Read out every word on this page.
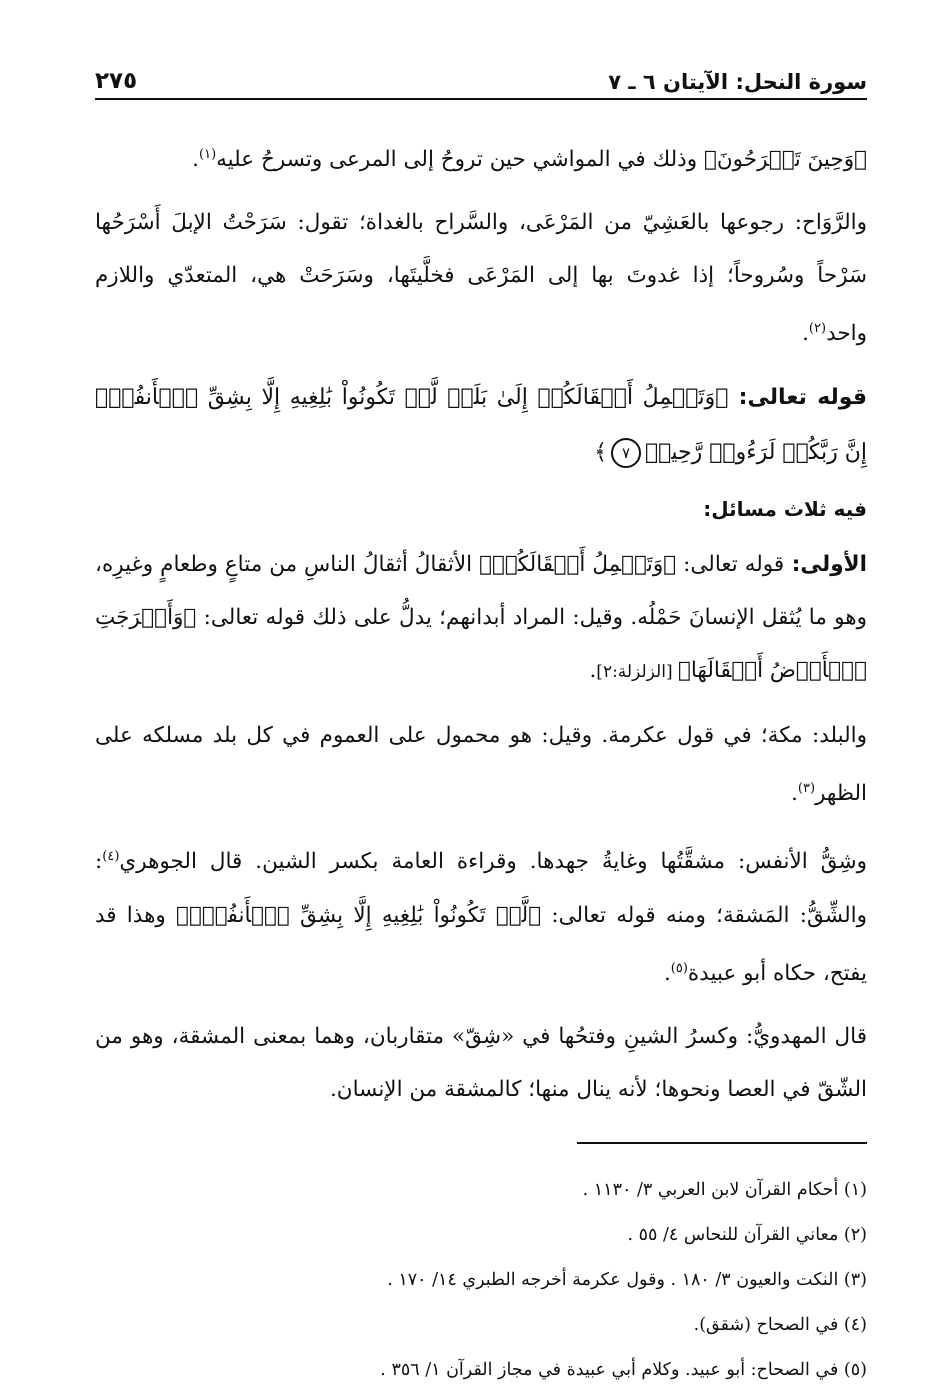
سورة النحل: الآيتان ٦ ـ ٧
٢٧٥

﴿وَحِينَ تَسۡرَحُونَ﴾ وذلك في المواشي حين تروحُ إلى المرعى وتسرحُ عليه$^{(١)}$.

والرَّوَاح: رجوعها بالعَشِيّ من المَرْعَى، والسَّراح بالغداة؛ تقول: سَرَحْتُ الإبلَ أَسْرَحُها سَرْحاً وسُروحاً؛ إذا غدوتَ بها إلى المَرْعَى فخلَّيتَها، وسَرَحَتْ هي، المتعدّي واللازم واحد$^{(٢)}$.

قوله تعالى: ﴿وَتَحۡمِلُ أَثۡقَالَكُمۡ إِلَىٰ بَلَدٖ لَّمۡ تَكُونُواْ بَٰلِغِيهِ إِلَّا بِشِقِّ ٱلۡأَنفُسِۚ إِنَّ رَبَّكُمۡ لَرَءُوفٞ رَّحِيمٞ٧﴾

فيه ثلاث مسائل:

الأولى: قوله تعالى: ﴿وَتَحۡمِلُ أَثۡقَالَكُمۡ﴾ الأثقالُ أثقالُ الناسِ من متاعٍ وطعامٍ وغيرِه، وهو ما يُثقل الإنسانَ حَمْلُه. وقيل: المراد أبدانهم؛ يدلُّ على ذلك قوله تعالى: ﴿وَأَخۡرَجَتِ ٱلۡأَرۡضُ أَثۡقَالَهَا﴾ [الزلزلة:٢].

والبلد: مكة؛ في قول عكرمة. وقيل: هو محمول على العموم في كل بلد مسلكه على الظهر$^{(٣)}$.

وشِقُّ الأنفس: مشقَّتُها وغايةُ جهدها. وقراءة العامة بكسر الشين. قال الجوهري$^{(٤)}$: والشِّقُّ: المَشقة؛ ومنه قوله تعالى: ﴿لَّمۡ تَكُونُواْ بَٰلِغِيهِ إِلَّا بِشِقِّ ٱلۡأَنفُسِۚ﴾ وهذا قد يفتح، حكاه أبو عبيدة$^{(٥)}$.

قال المهدويُّ: وكسرُ الشينِ وفتحُها في «شِقّ» متقاربان، وهما بمعنى المشقة، وهو من الشّقّ في العصا ونحوها؛ لأنه ينال منها؛ كالمشقة من الإنسان.

(١) أحكام القرآن لابن العربي ٣/ ١١٣٠ .

(٢) معاني القرآن للنحاس ٤/ ٥٥ .

(٣) النكت والعيون ٣/ ١٨٠ . وقول عكرمة أخرجه الطبري ١٤/ ١٧٠ .

(٤) في الصحاح (شقق).

(٥) في الصحاح: أبو عبيد. وكلام أبي عبيدة في مجاز القرآن ١/ ٣٥٦ .
